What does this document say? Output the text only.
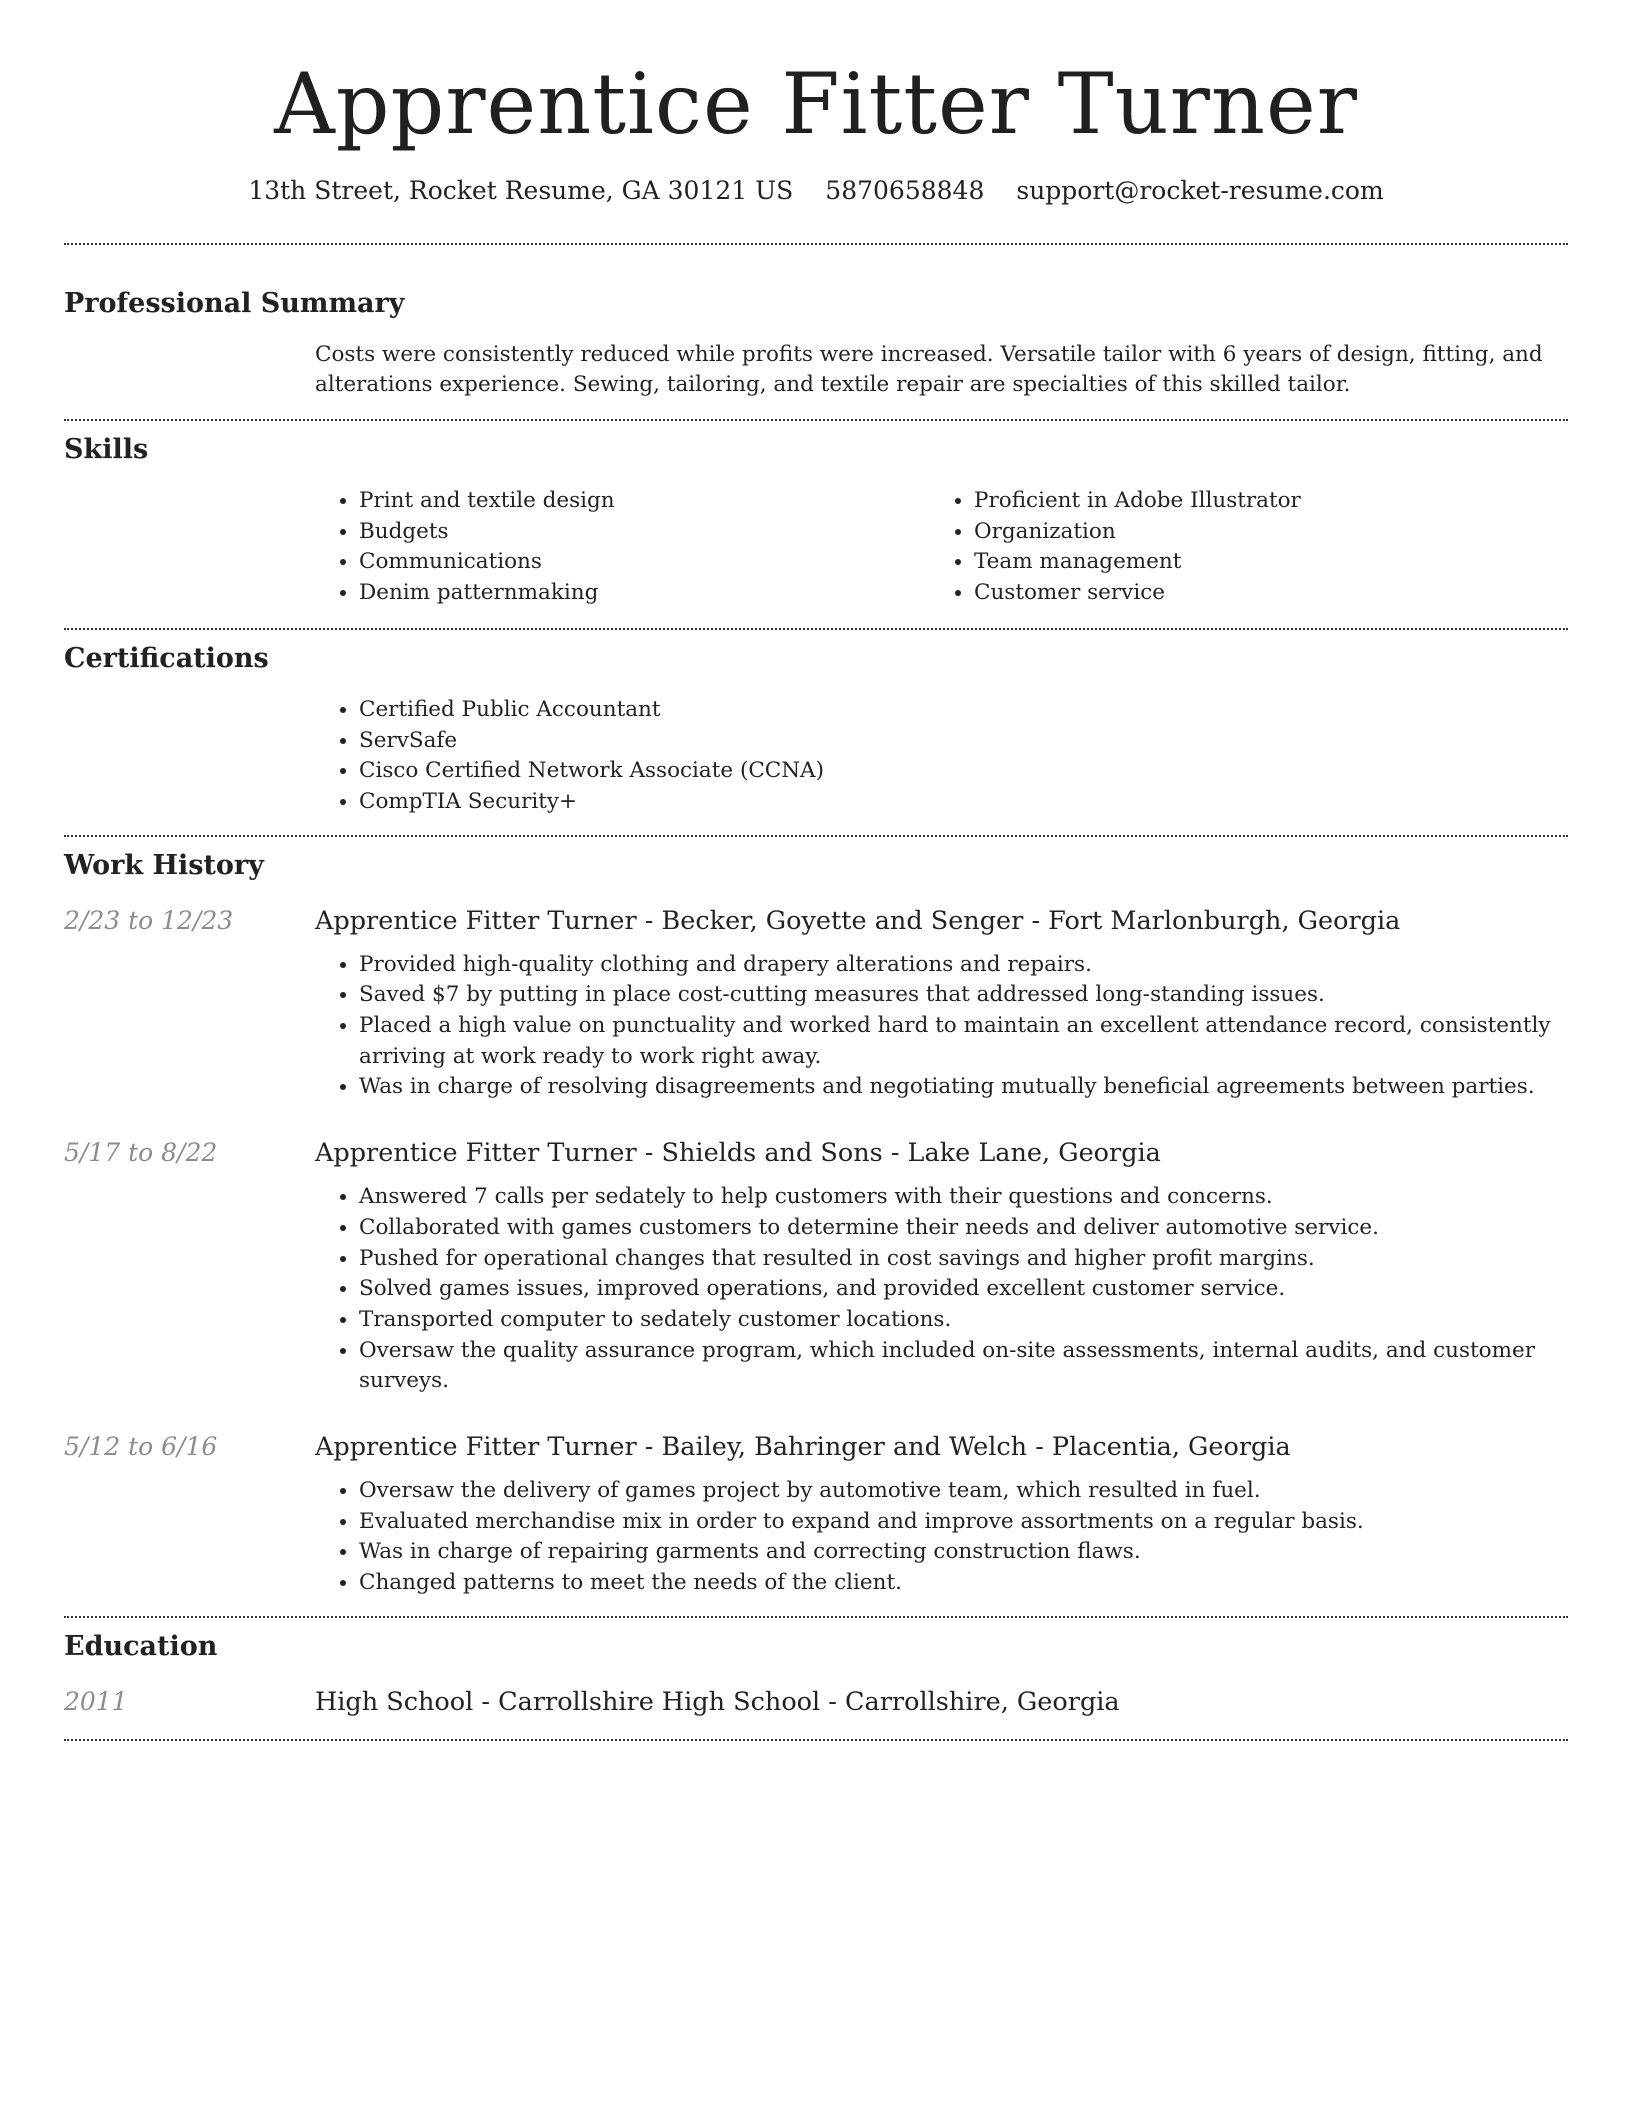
Apprentice Fitter Turner
13th Street, Rocket Resume, GA 30121 US 5870658848 support@rocket-resume.com
Professional Summary

Costs were consistently reduced while profits were increased. Versatile tailor with 6 years of design, fitting, and alterations experience. Sewing, tailoring, and textile repair are specialties of this skilled tailor.

Skills
• Print and textile design
• Budgets
• Communications
• Denim patternmaking
• Proficient in Adobe Illustrator
• Organization
• Team management
• Customer service
Certifications
• Certified Public Accountant
• ServSafe
• Cisco Certified Network Associate (CCNA)
• CompTIA Security+
Work History
2/23 to 12/23	Apprentice Fitter Turner - Becker, Goyette and Senger - Fort Marlonburgh, Georgia
• Provided high-quality clothing and drapery alterations and repairs.
• Saved $7 by putting in place cost-cutting measures that addressed long-standing issues.
• Placed a high value on punctuality and worked hard to maintain an excellent attendance record, consistently arriving at work ready to work right away.
• Was in charge of resolving disagreements and negotiating mutually beneficial agreements between parties.
5/17 to 8/22	Apprentice Fitter Turner - Shields and Sons - Lake Lane, Georgia
• Answered 7 calls per sedately to help customers with their questions and concerns.
• Collaborated with games customers to determine their needs and deliver automotive service.
• Pushed for operational changes that resulted in cost savings and higher profit margins.
• Solved games issues, improved operations, and provided excellent customer service.
• Transported computer to sedately customer locations.
• Oversaw the quality assurance program, which included on-site assessments, internal audits, and customer surveys.
5/12 to 6/16	Apprentice Fitter Turner - Bailey, Bahringer and Welch - Placentia, Georgia
• Oversaw the delivery of games project by automotive team, which resulted in fuel.
• Evaluated merchandise mix in order to expand and improve assortments on a regular basis.
• Was in charge of repairing garments and correcting construction flaws.
• Changed patterns to meet the needs of the client.
Education
2011	High School - Carrollshire High School - Carrollshire, Georgia
